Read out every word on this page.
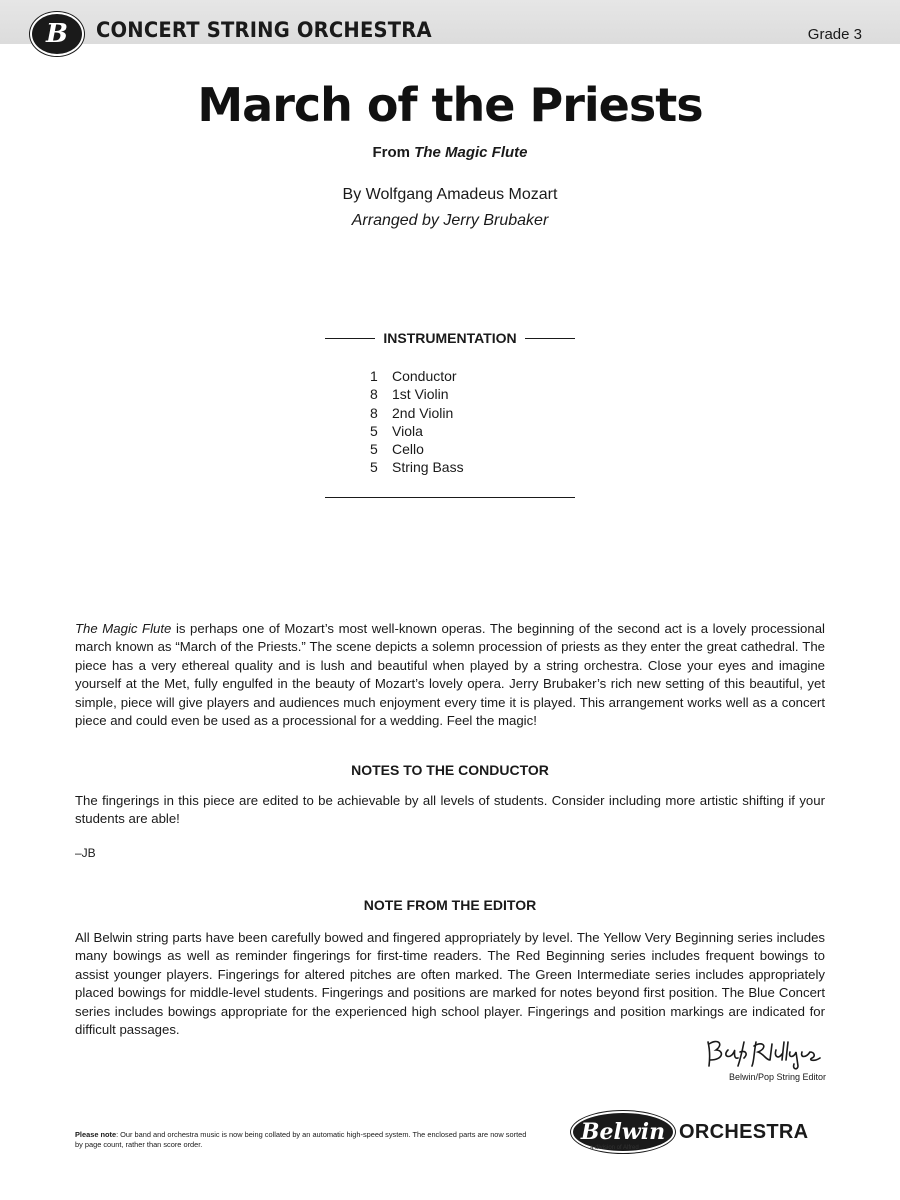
B CONCERT STRING ORCHESTRA	Grade 3
March of the Priests
From The Magic Flute
By Wolfgang Amadeus Mozart
Arranged by Jerry Brubaker
INSTRUMENTATION
1	Conductor
8	1st Violin
8	2nd Violin
5	Viola
5	Cello
5	String Bass

The Magic Flute is perhaps one of Mozart’s most well-known operas. The beginning of the second act is a lovely processional march known as “March of the Priests.” The scene depicts a solemn procession of priests as they enter the great cathedral. The piece has a very ethereal quality and is lush and beautiful when played by a string orchestra. Close your eyes and imagine yourself at the Met, fully engulfed in the beauty of Mozart’s lovely opera. Jerry Brubaker’s rich new setting of this beautiful, yet simple, piece will give players and audiences much enjoyment every time it is played. This arrangement works well as a concert piece and could even be used as a processional for a wedding. Feel the magic!

NOTES TO THE CONDUCTOR

The fingerings in this piece are edited to be achievable by all levels of students. Consider including more artistic shifting if your students are able!

–JB
NOTE FROM THE EDITOR

All Belwin string parts have been carefully bowed and fingered appropriately by level. The Yellow Very Beginning series includes many bowings as well as reminder fingerings for first-time readers. The Red Beginning series includes frequent bowings to assist younger players. Fingerings for altered pitches are often marked. The Green Intermediate series includes appropriately placed bowings for middle-level students. Fingerings and positions are marked for notes beyond first position. The Blue Concert series includes bowings appropriate for the experienced high school player. Fingerings and position markings are indicated for difficult passages.

Belwin/Pop String Editor
Please note: Our band and orchestra music is now being collated by an automatic high-speed system. The enclosed parts are now sorted by page count, rather than score order.	Belwin ORCHESTRA
a division of Alfred
